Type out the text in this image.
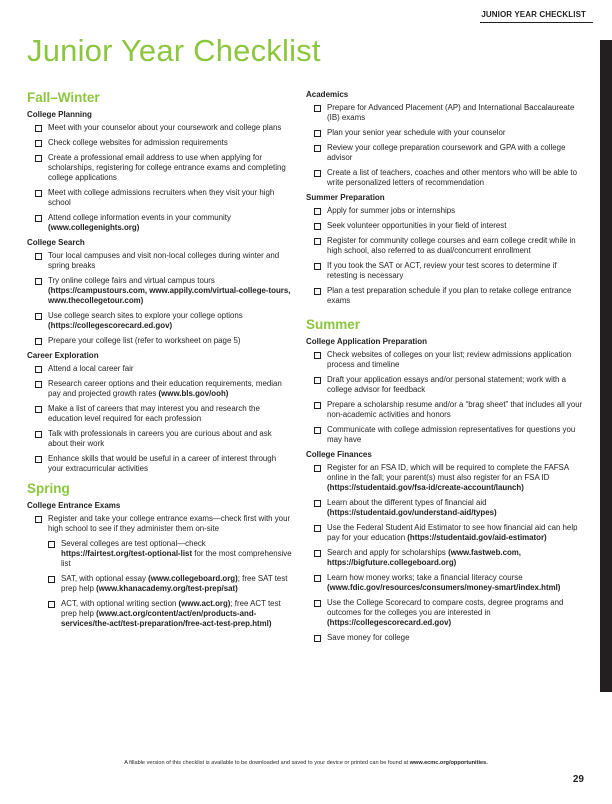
JUNIOR YEAR CHECKLIST
Junior Year Checklist
Fall–Winter
College Planning
Meet with your counselor about your coursework and college plans
Check college websites for admission requirements
Create a professional email address to use when applying for scholarships, registering for college entrance exams and completing college applications
Meet with college admissions recruiters when they visit your high school
Attend college information events in your community (www.collegenights.org)
College Search
Tour local campuses and visit non-local colleges during winter and spring breaks
Try online college fairs and virtual campus tours (https://campustours.com, www.appily.com/virtual-college-tours, www.thecollegetour.com)
Use college search sites to explore your college options (https://collegescorecard.ed.gov)
Prepare your college list (refer to worksheet on page 5)
Career Exploration
Attend a local career fair
Research career options and their education requirements, median pay and projected growth rates (www.bls.gov/ooh)
Make a list of careers that may interest you and research the education level required for each profession
Talk with professionals in careers you are curious about and ask about their work
Enhance skills that would be useful in a career of interest through your extracurricular activities
Spring
College Entrance Exams
Register and take your college entrance exams—check first with your high school to see if they administer them on-site
Several colleges are test optional—check https://fairtest.org/test-optional-list for the most comprehensive list
SAT, with optional essay (www.collegeboard.org); free SAT test prep help (www.khanacademy.org/test-prep/sat)
ACT, with optional writing section (www.act.org); free ACT test prep help (www.act.org/content/act/en/products-and-services/the-act/test-preparation/free-act-test-prep.html)
Academics
Prepare for Advanced Placement (AP) and International Baccalaureate (IB) exams
Plan your senior year schedule with your counselor
Review your college preparation coursework and GPA with a college advisor
Create a list of teachers, coaches and other mentors who will be able to write personalized letters of recommendation
Summer Preparation
Apply for summer jobs or internships
Seek volunteer opportunities in your field of interest
Register for community college courses and earn college credit while in high school, also referred to as dual/concurrent enrollment
If you took the SAT or ACT, review your test scores to determine if retesting is necessary
Plan a test preparation schedule if you plan to retake college entrance exams
Summer
College Application Preparation
Check websites of colleges on your list; review admissions application process and timeline
Draft your application essays and/or personal statement; work with a college advisor for feedback
Prepare a scholarship resume and/or a “brag sheet” that includes all your non-academic activities and honors
Communicate with college admission representatives for questions you may have
College Finances
Register for an FSA ID, which will be required to complete the FAFSA online in the fall; your parent(s) must also register for an FSA ID (https://studentaid.gov/fsa-id/create-account/launch)
Learn about the different types of financial aid (https://studentaid.gov/understand-aid/types)
Use the Federal Student Aid Estimator to see how financial aid can help pay for your education (https://studentaid.gov/aid-estimator)
Search and apply for scholarships (www.fastweb.com, https://bigfuture.collegeboard.org)
Learn how money works; take a financial literacy course (www.fdic.gov/resources/consumers/money-smart/index.html)
Use the College Scorecard to compare costs, degree programs and outcomes for the colleges you are interested in (https://collegescorecard.ed.gov)
Save money for college
A fillable version of this checklist is available to be downloaded and saved to your device or printed can be found at www.ecmc.org/opportunities.
29
